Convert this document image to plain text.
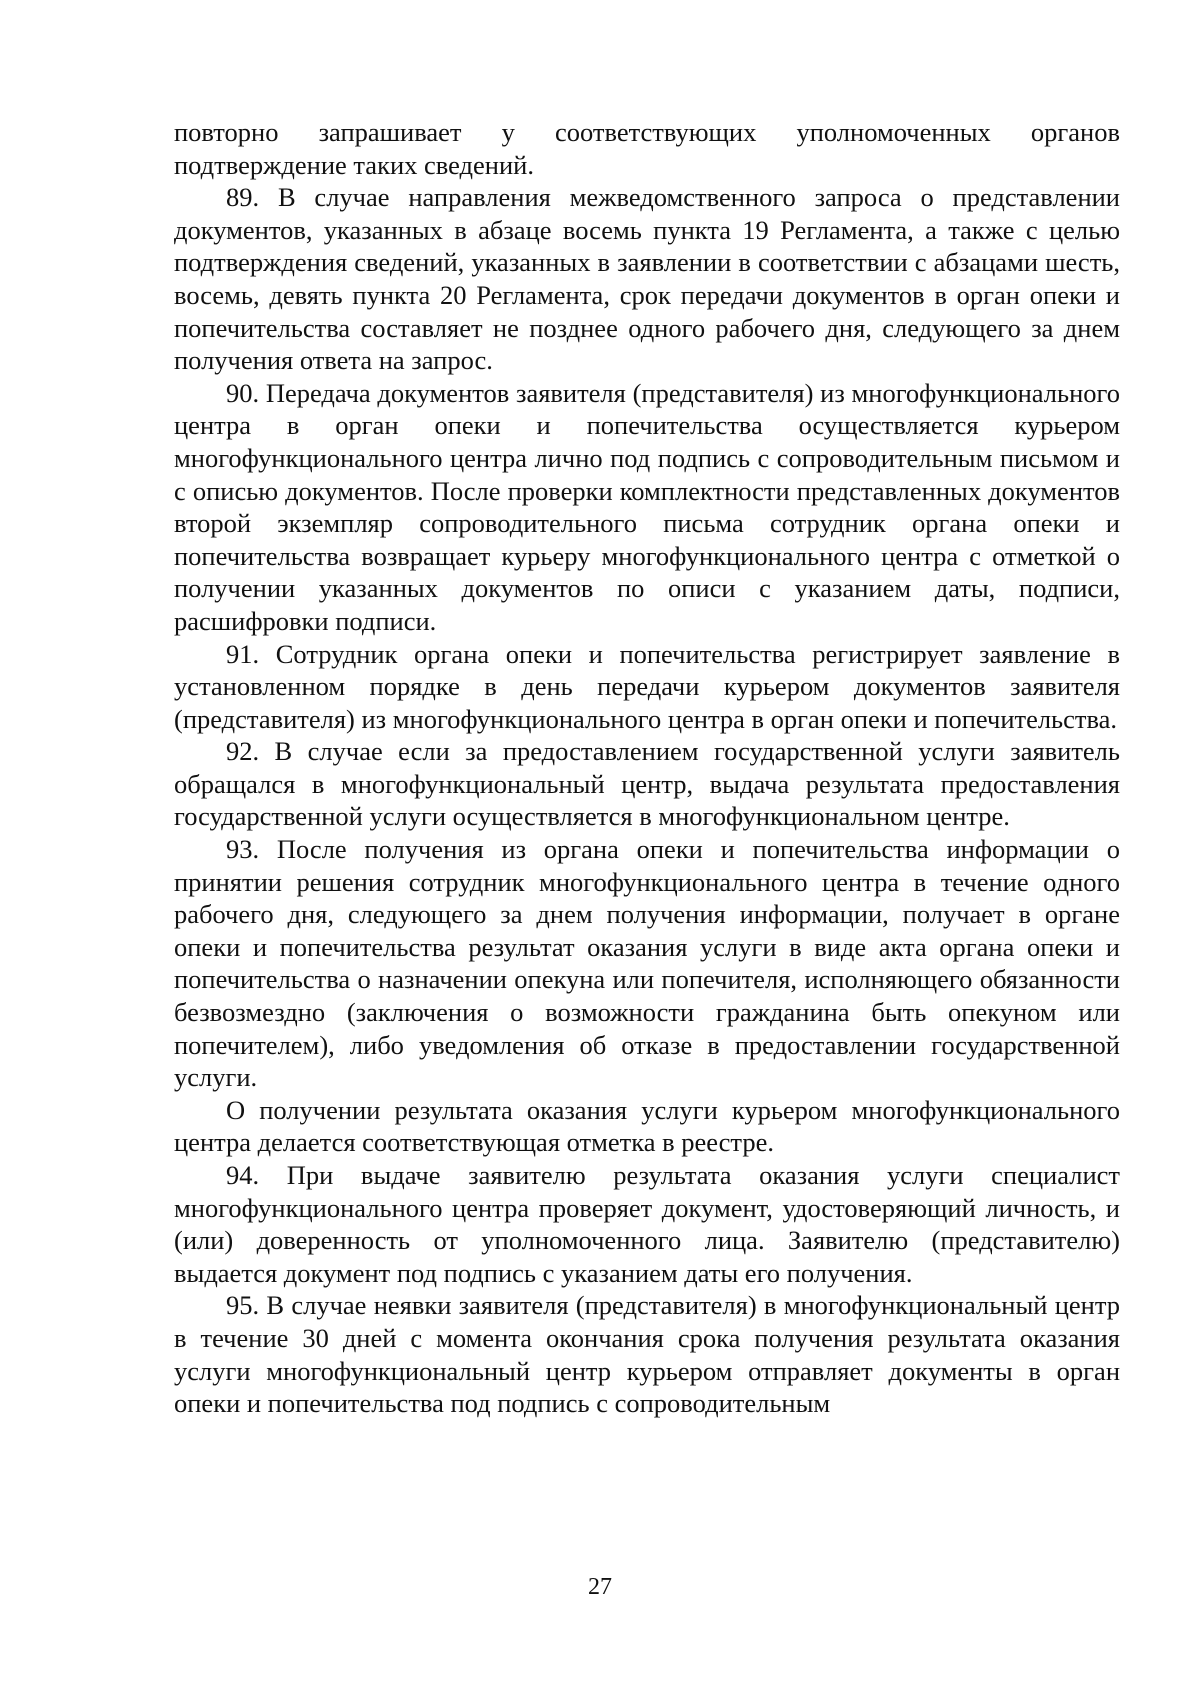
повторно запрашивает у соответствующих уполномоченных органов подтверждение таких сведений.

89. В случае направления межведомственного запроса о представлении документов, указанных в абзаце восемь пункта 19 Регламента, а также с целью подтверждения сведений, указанных в заявлении в соответствии с абзацами шесть, восемь, девять пункта 20 Регламента, срок передачи документов в орган опеки и попечительства составляет не позднее одного рабочего дня, следующего за днем получения ответа на запрос.

90. Передача документов заявителя (представителя) из многофункционального центра в орган опеки и попечительства осуществляется курьером многофункционального центра лично под подпись с сопроводительным письмом и с описью документов. После проверки комплектности представленных документов второй экземпляр сопроводительного письма сотрудник органа опеки и попечительства возвращает курьеру многофункционального центра с отметкой о получении указанных документов по описи с указанием даты, подписи, расшифровки подписи.

91. Сотрудник органа опеки и попечительства регистрирует заявление в установленном порядке в день передачи курьером документов заявителя (представителя) из многофункционального центра в орган опеки и попечительства.

92. В случае если за предоставлением государственной услуги заявитель обращался в многофункциональный центр, выдача результата предоставления государственной услуги осуществляется в многофункциональном центре.

93. После получения из органа опеки и попечительства информации о принятии решения сотрудник многофункционального центра в течение одного рабочего дня, следующего за днем получения информации, получает в органе опеки и попечительства результат оказания услуги в виде акта органа опеки и попечительства о назначении опекуна или попечителя, исполняющего обязанности безвозмездно (заключения о возможности гражданина быть опекуном или попечителем), либо уведомления об отказе в предоставлении государственной услуги.

О получении результата оказания услуги курьером многофункционального центра делается соответствующая отметка в реестре.

94. При выдаче заявителю результата оказания услуги специалист многофункционального центра проверяет документ, удостоверяющий личность, и (или) доверенность от уполномоченного лица. Заявителю (представителю) выдается документ под подпись с указанием даты его получения.

95. В случае неявки заявителя (представителя) в многофункциональный центр в течение 30 дней с момента окончания срока получения результата оказания услуги многофункциональный центр курьером отправляет документы в орган опеки и попечительства под подпись с сопроводительным

27
